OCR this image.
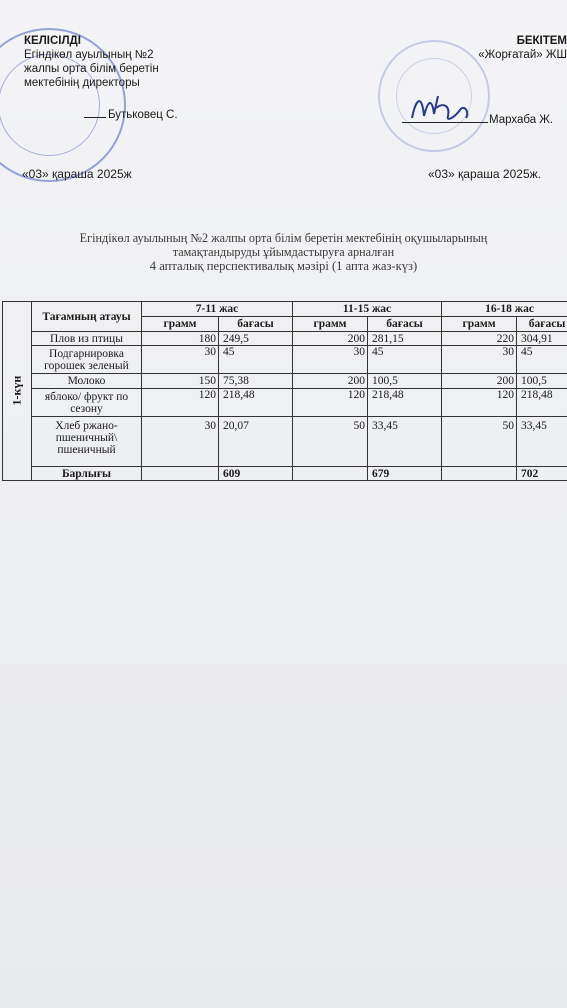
КЕЛІСІЛДІ
Егіндікөл ауылының №2
жалпы орта білім беретін
мектебінің директоры
Бутьковец С.
«03» қараша 2025ж
БЕКІТЕМ
«Жорғатай» ЖШ
Мархаба Ж.
«03» қараша 2025ж.
Егіндікөл ауылының №2 жалпы орта білім беретін мектебінің оқушыларының
тамақтандыруды ұйымдастыруға арналған
4 апталық перспективалық мәзірі (1 апта жаз-күз)
1-күн	Тағамның атауы	7-11 жас		11-15 жас		16-18 жас	
		грамм	бағасы	грамм	бағасы	грамм	бағасы
	Плов из птицы	180	249,5	200	281,15	220	304,91
	Подгарнировка горошек зеленый	30	45	30	45	30	45
	Молоко	150	75,38	200	100,5	200	100,5
	яблоко/ фрукт по сезону	120	218,48	120	218,48	120	218,48
	Хлеб ржано-пшеничный\ пшеничный	30	20,07	50	33,45	50	33,45
	Барлығы		609		679		702
